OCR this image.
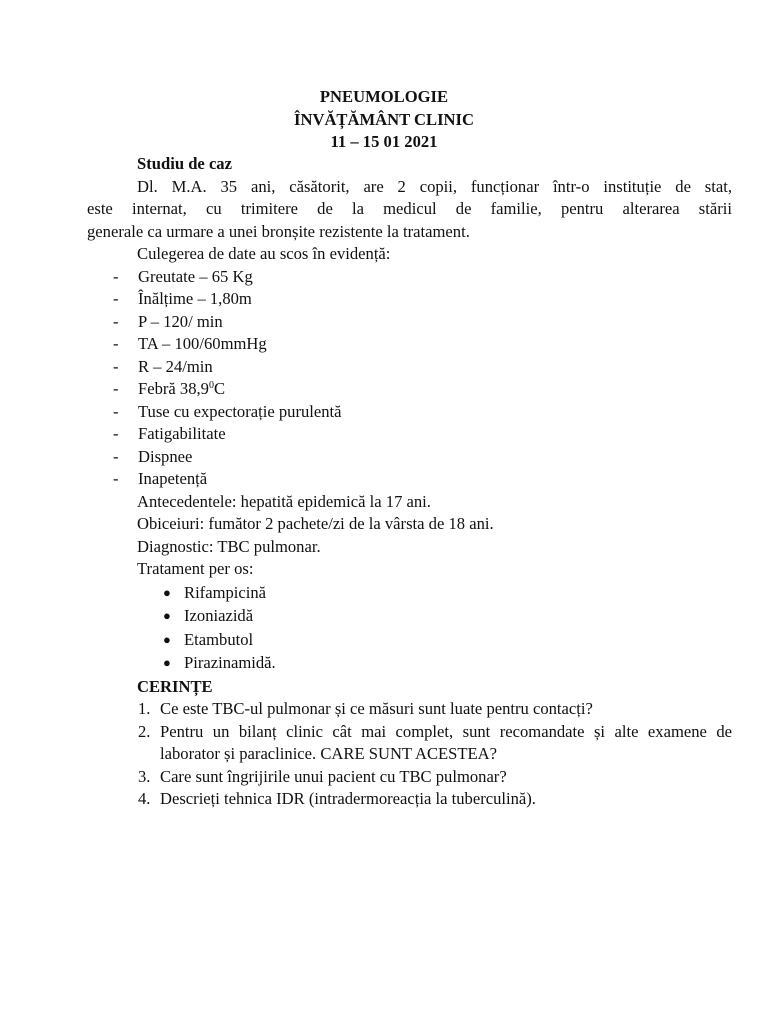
PNEUMOLOGIE
ÎNVĂȚĂMÂNT CLINIC
11 – 15 01 2021
Studiu de caz
Dl. M.A. 35 ani, căsătorit, are 2 copii, funcționar într-o instituție de stat,
este internat, cu trimitere de la medicul de familie, pentru alterarea stării
generale ca urmare a unei bronșite rezistente la tratament.
Culegerea de date au scos în evidență:
- Greutate – 65 Kg
- Înălțime – 1,80m
- P – 120/ min
- TA – 100/60mmHg
- R – 24/min
- Febră 38,9$^0$C
- Tuse cu expectorație purulentă
- Fatigabilitate
- Dispnee
- Inapetență
Antecedentele: hepatită epidemică la 17 ani.
Obiceiuri: fumător 2 pachete/zi de la vârsta de 18 ani.
Diagnostic: TBC pulmonar.
Tratament per os:
● Rifampicină
● Izoniazidă
● Etambutol
● Pirazinamidă.
CERINȚE
1. Ce este TBC-ul pulmonar și ce măsuri sunt luate pentru contacți?
2. Pentru un bilanț clinic cât mai complet, sunt recomandate și alte examene de laborator și paraclinice. CARE SUNT ACESTEA?
3. Care sunt îngrijirile unui pacient cu TBC pulmonar?
4. Descrieți tehnica IDR (intradermoreacția la tuberculină).
